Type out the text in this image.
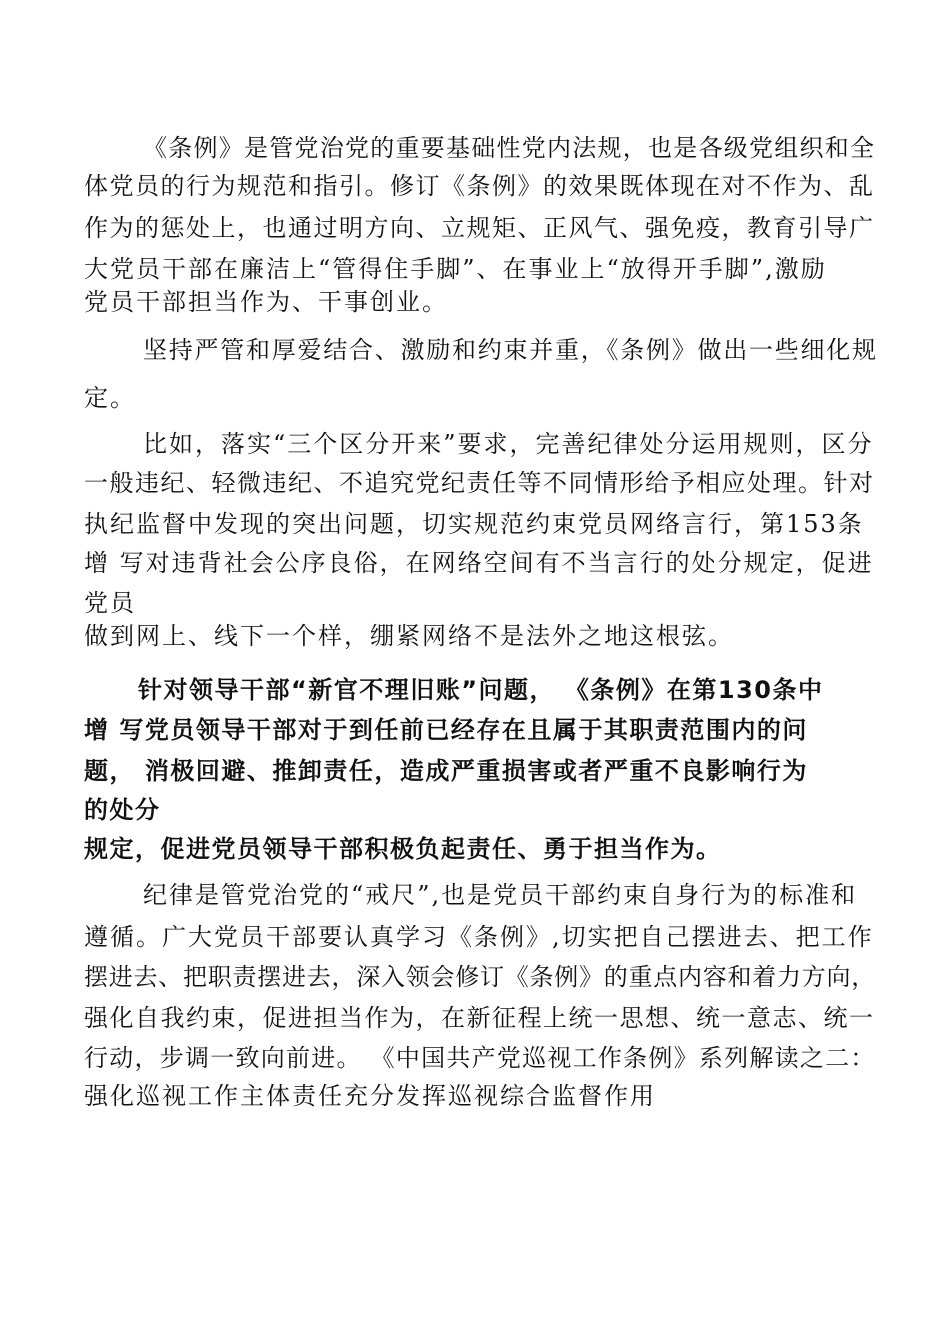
《条例》是管党治党的重要基础性党内法规，也是各级党组织和全

体党员的行为规范和指引。修订《条例》的效果既体现在对不作为、乱

作为的惩处上，也通过明方向、立规矩、正风气、强免疫，教育引导广

大党员干部在廉洁上“管得住手脚”、在事业上“放得开手脚”,激励

党员干部担当作为、干事创业。

坚持严管和厚爱结合、激励和约束并重，《条例》做出一些细化规

定。

比如，落实“三个区分开来”要求，完善纪律处分运用规则，区分

一般违纪、轻微违纪、不追究党纪责任等不同情形给予相应处理。针对

执纪监督中发现的突出问题，切实规范约束党员网络言行，第153条

增 写对违背社会公序良俗，在网络空间有不当言行的处分规定，促进

党员

做到网上、线下一个样，绷紧网络不是法外之地这根弦。

针对领导干部“新官不理旧账”问题， 《条例》在第130条中

增 写党员领导干部对于到任前已经存在且属于其职责范围内的问

题， 消极回避、推卸责任，造成严重损害或者严重不良影响行为

的处分

规定，促进党员领导干部积极负起责任、勇于担当作为。

纪律是管党治党的“戒尺”,也是党员干部约束自身行为的标准和

遵循。广大党员干部要认真学习《条例》,切实把自己摆进去、把工作

摆进去、把职责摆进去，深入领会修订《条例》的重点内容和着力方向，

强化自我约束，促进担当作为，在新征程上统一思想、统一意志、统一

行动，步调一致向前进。 《中国共产党巡视工作条例》系列解读之二：

强化巡视工作主体责任充分发挥巡视综合监督作用
